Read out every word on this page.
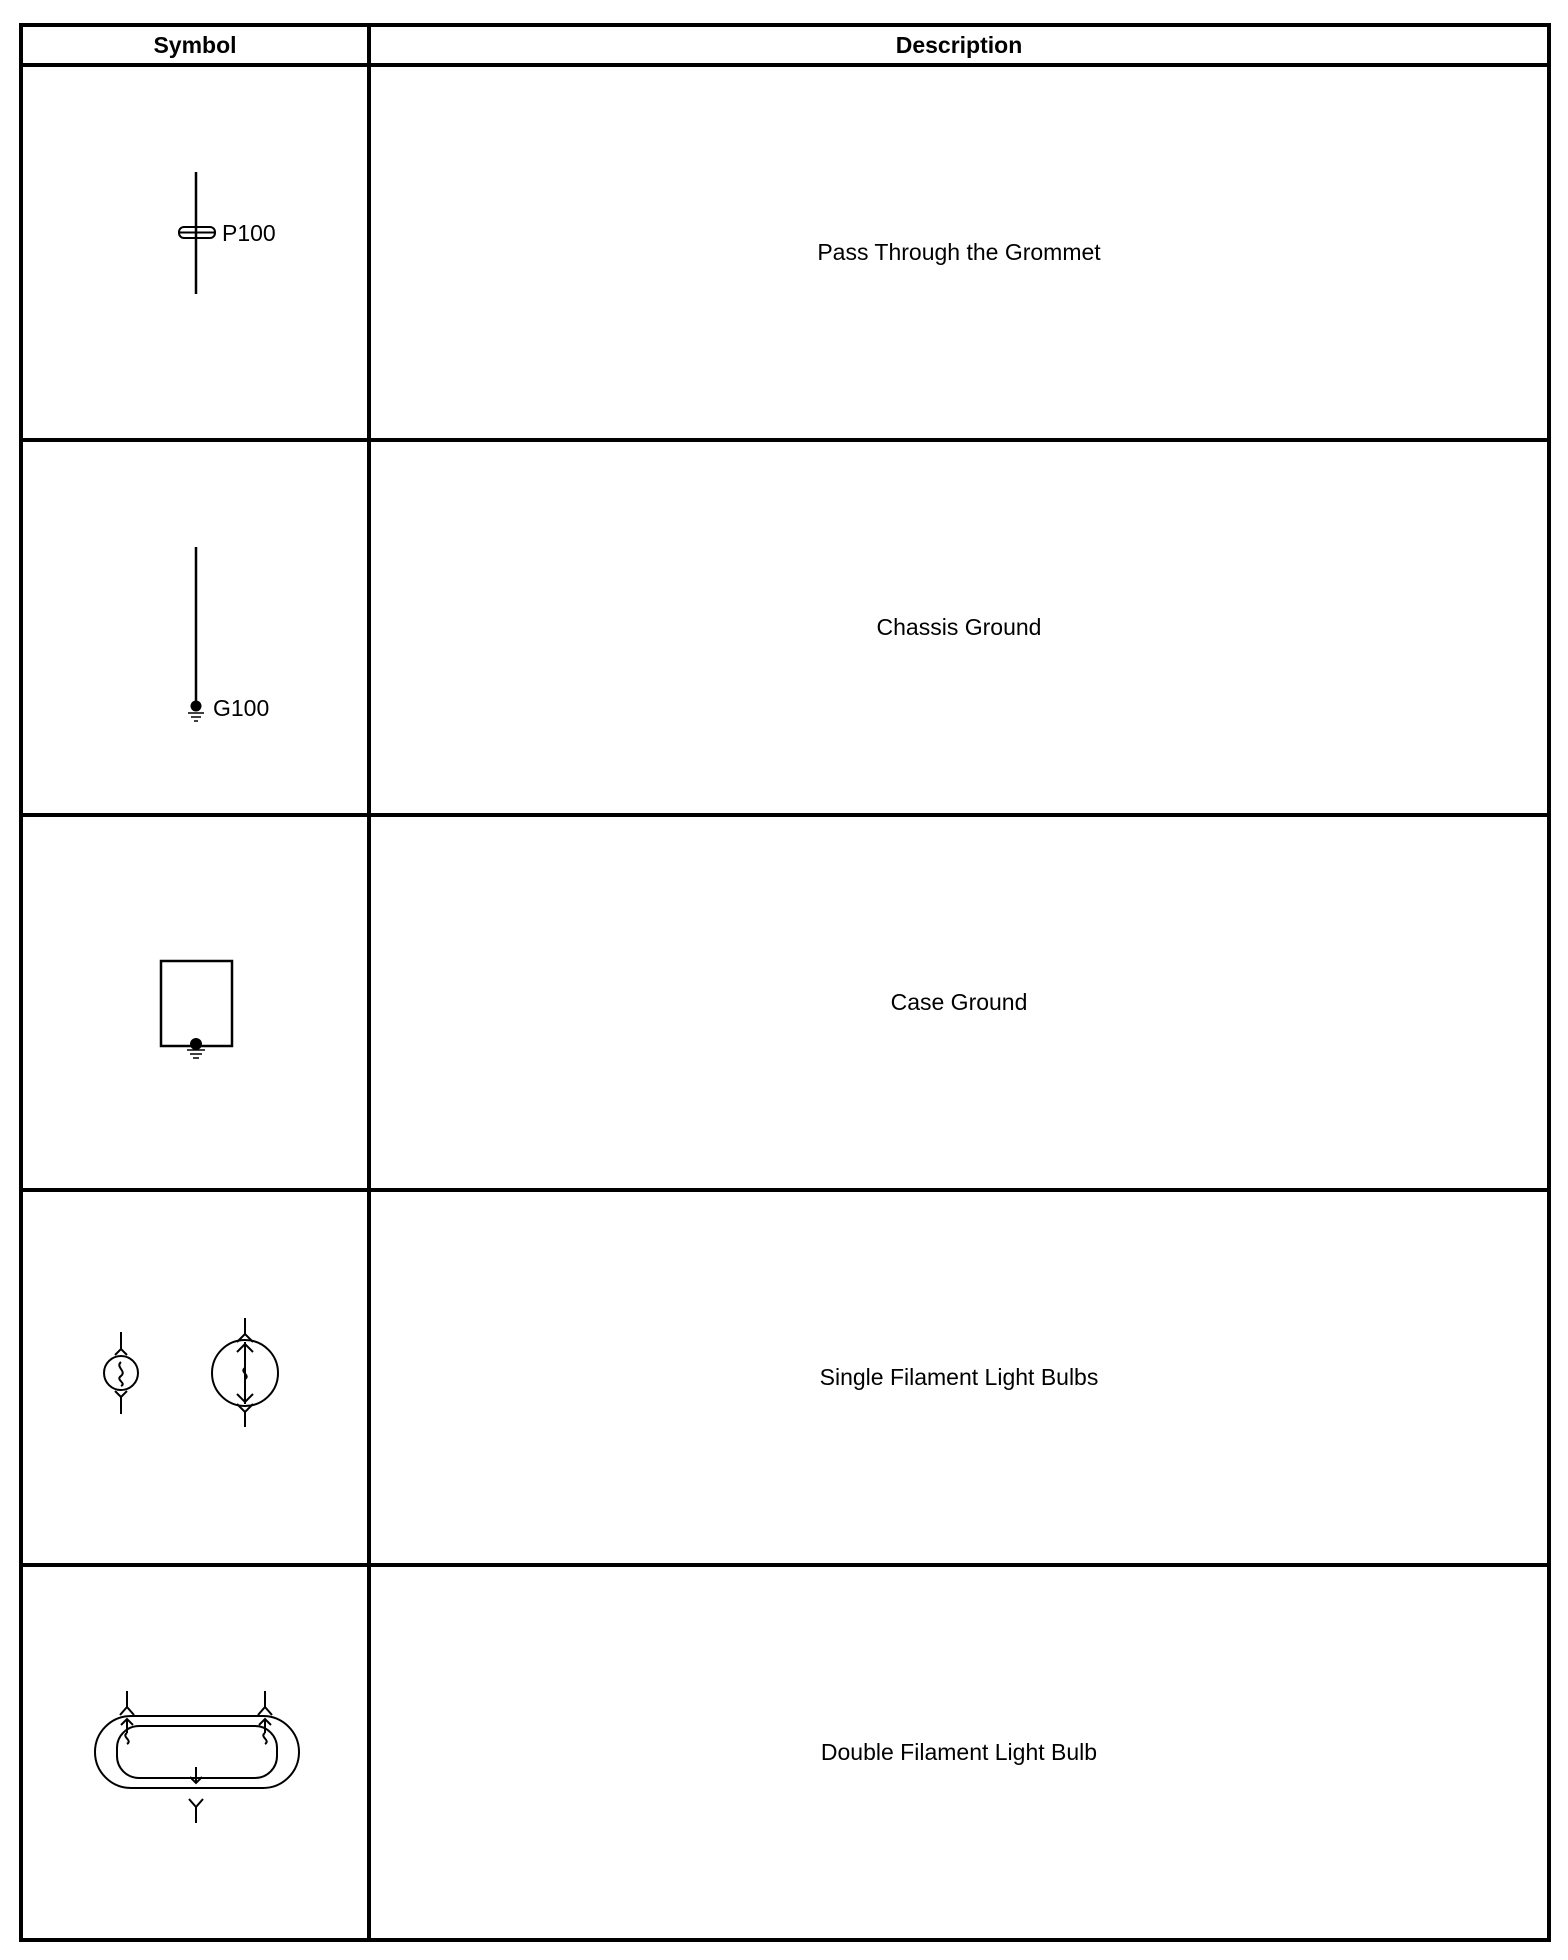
Symbol	Description

P100	Pass Through the Grommet

G100	Chassis Ground

	Case Ground

	Single Filament Light Bulbs

	Double Filament Light Bulb
